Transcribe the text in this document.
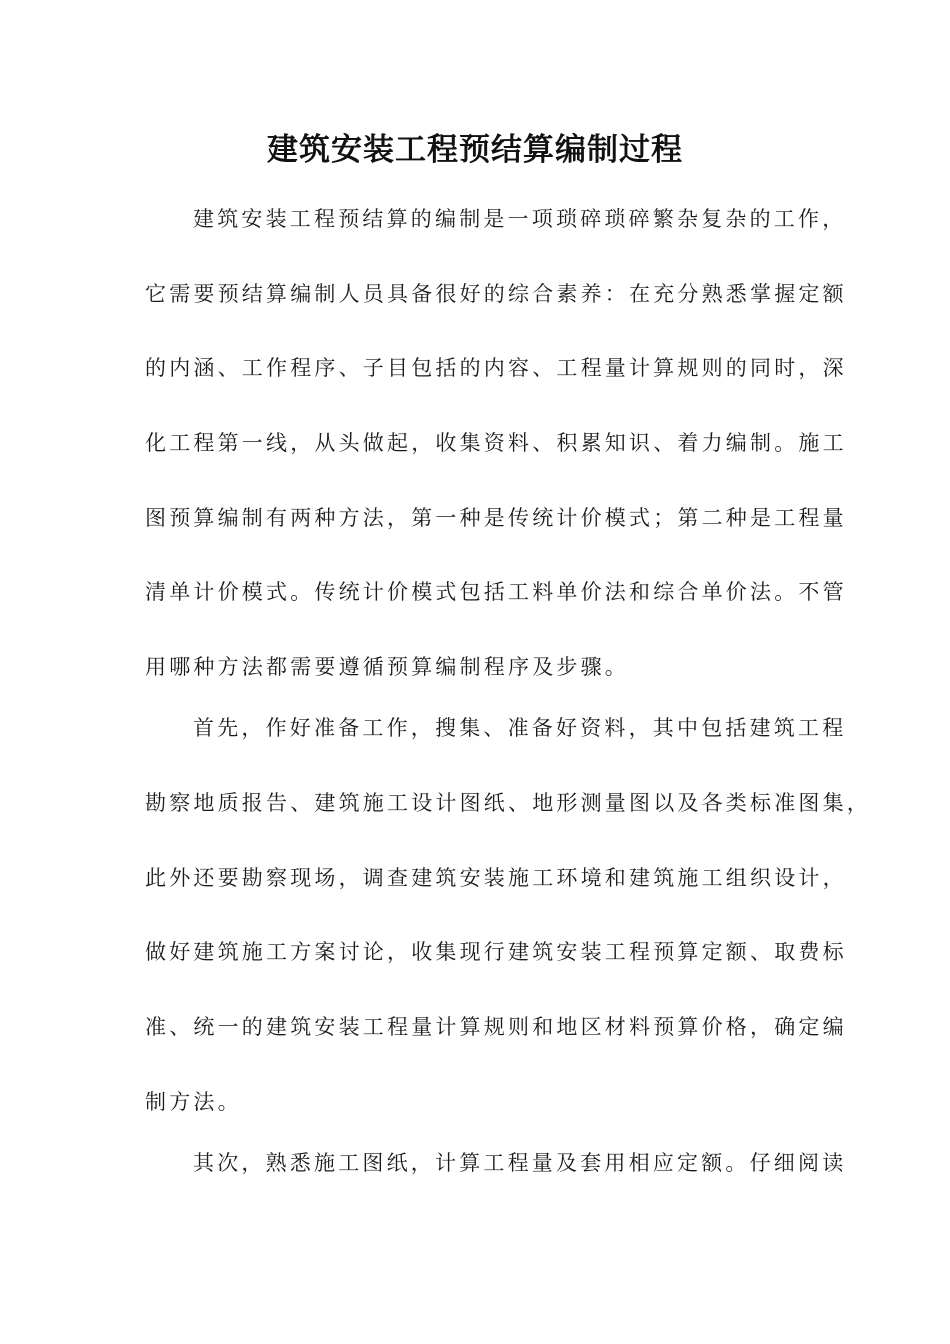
建筑安装工程预结算编制过程
建筑安装工程预结算的编制是一项琐碎琐碎繁杂复杂的工作，
它需要预结算编制人员具备很好的综合素养：在充分熟悉掌握定额
的内涵、工作程序、子目包括的内容、工程量计算规则的同时，深
化工程第一线，从头做起，收集资料、积累知识、着力编制。施工
图预算编制有两种方法，第一种是传统计价模式；第二种是工程量
清单计价模式。传统计价模式包括工料单价法和综合单价法。不管
用哪种方法都需要遵循预算编制程序及步骤。
首先，作好准备工作，搜集、准备好资料，其中包括建筑工程
勘察地质报告、建筑施工设计图纸、地形测量图以及各类标准图集，
此外还要勘察现场，调查建筑安装施工环境和建筑施工组织设计，
做好建筑施工方案讨论，收集现行建筑安装工程预算定额、取费标
准、统一的建筑安装工程量计算规则和地区材料预算价格，确定编
制方法。
其次，熟悉施工图纸，计算工程量及套用相应定额。仔细阅读
